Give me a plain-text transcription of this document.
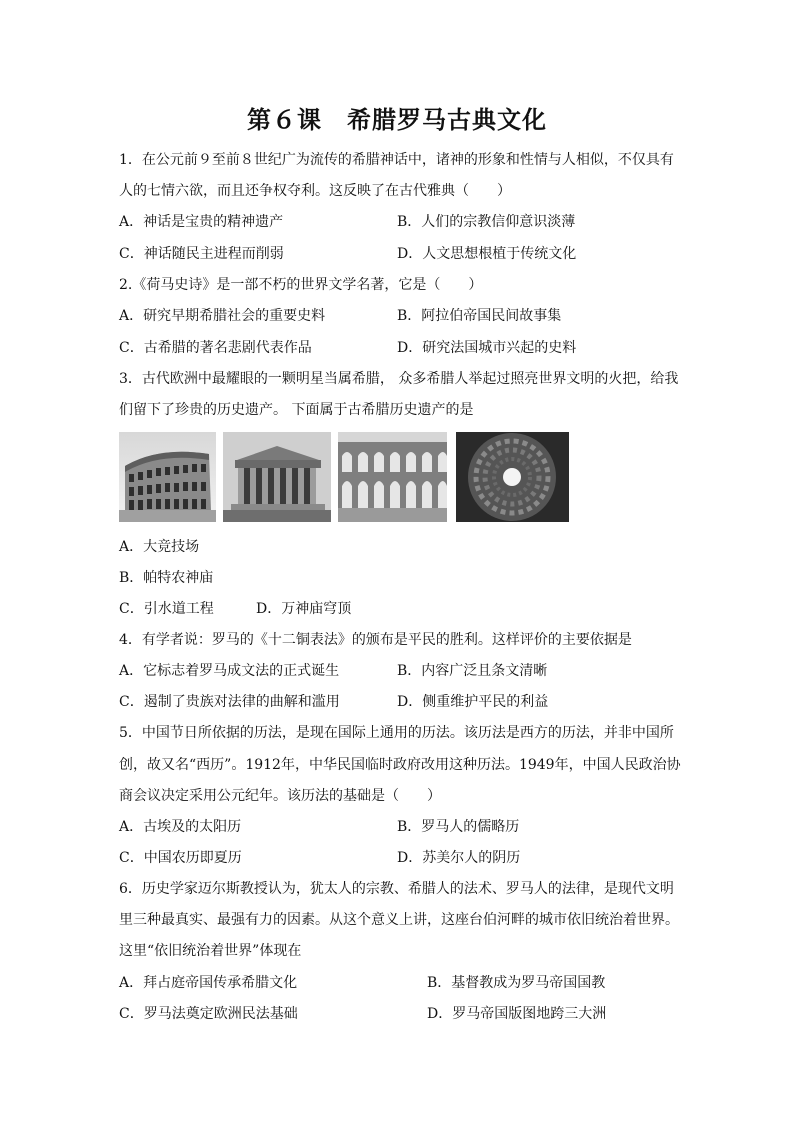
第６课　希腊罗马古典文化
1．在公元前９至前８世纪广为流传的希腊神话中，诸神的形象和性情与人相似，不仅具有
人的七情六欲，而且还争权夺利。这反映了在古代雅典（　　）
A．神话是宝贵的精神遗产	B．人们的宗教信仰意识淡薄
C．神话随民主进程而削弱	D．人文思想根植于传统文化
2.《荷马史诗》是一部不朽的世界文学名著，它是（　　）
A．研究早期希腊社会的重要史料	B．阿拉伯帝国民间故事集
C．古希腊的著名悲剧代表作品	D．研究法国城市兴起的史料
3．古代欧洲中最耀眼的一颗明星当属希腊， 众多希腊人举起过照亮世界文明的火把，给我
们留下了珍贵的历史遗产。 下面属于古希腊历史遗产的是
A．大竞技场
B．帕特农神庙
C．引水道工程	D．万神庙穹顶
4．有学者说：罗马的《十二铜表法》的颁布是平民的胜利。这样评价的主要依据是
A．它标志着罗马成文法的正式诞生	B．内容广泛且条文清晰
C．遏制了贵族对法律的曲解和滥用	D．侧重维护平民的利益
5．中国节日所依据的历法，是现在国际上通用的历法。该历法是西方的历法，并非中国所
创，故又名“西历”。1912年，中华民国临时政府改用这种历法。1949年，中国人民政治协
商会议决定采用公元纪年。该历法的基础是（　　）
A．古埃及的太阳历	B．罗马人的儒略历
C．中国农历即夏历	D．苏美尔人的阴历
6．历史学家迈尔斯教授认为，犹太人的宗教、希腊人的法术、罗马人的法律，是现代文明
里三种最真实、最强有力的因素。从这个意义上讲，这座台伯河畔的城市依旧统治着世界。
这里“依旧统治着世界”体现在
A．拜占庭帝国传承希腊文化	B．基督教成为罗马帝国国教
C．罗马法奠定欧洲民法基础	D．罗马帝国版图地跨三大洲
